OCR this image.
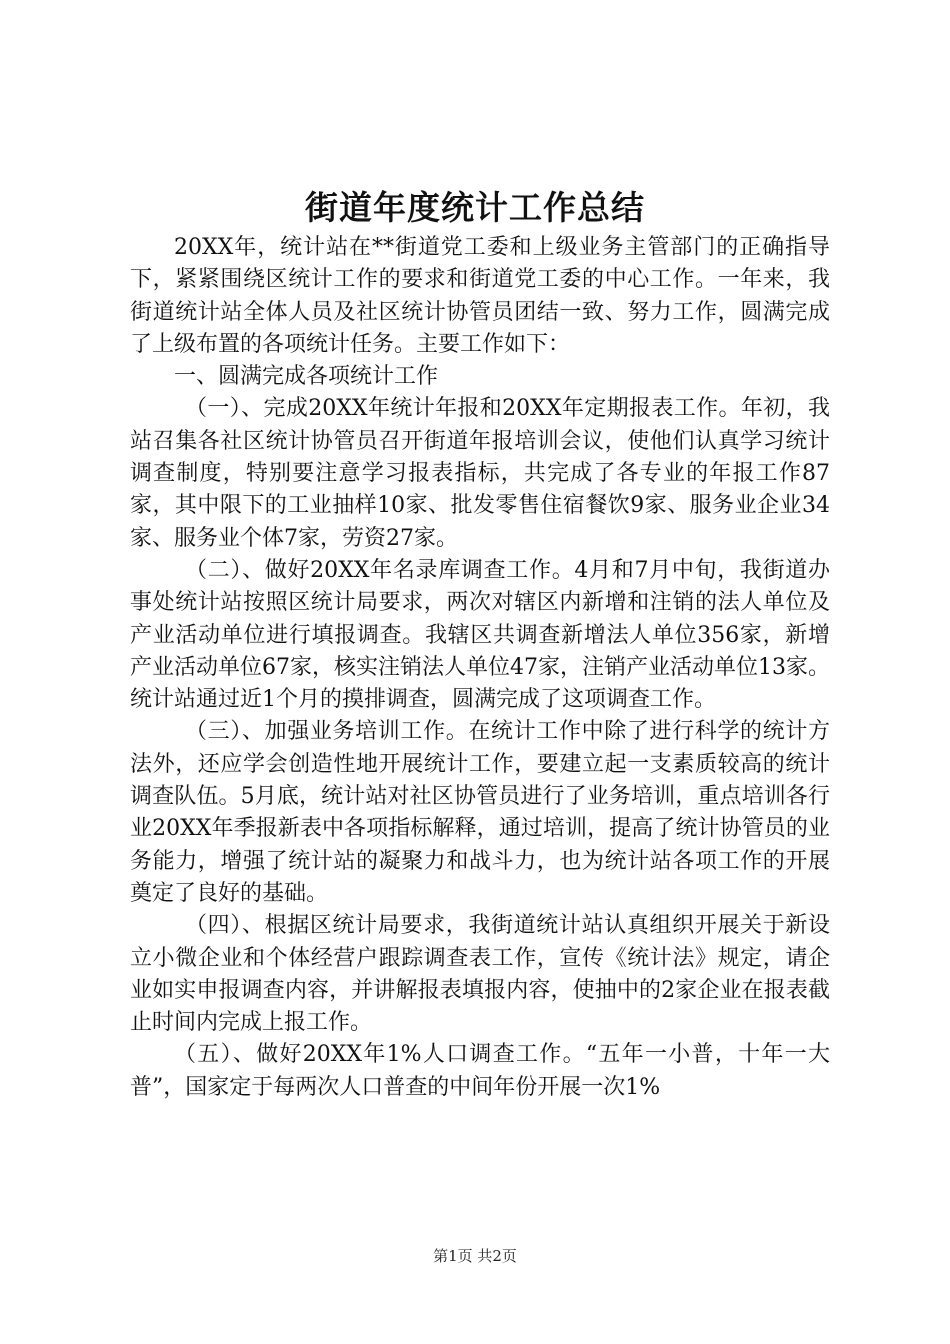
街道年度统计工作总结

20XX年，统计站在**街道党工委和上级业务主管部门的正确指导下，紧紧围绕区统计工作的要求和街道党工委的中心工作。一年来，我街道统计站全体人员及社区统计协管员团结一致、努力工作，圆满完成了上级布置的各项统计任务。主要工作如下：

一、圆满完成各项统计工作

（一）、完成20XX年统计年报和20XX年定期报表工作。年初，我站召集各社区统计协管员召开街道年报培训会议，使他们认真学习统计调查制度，特别要注意学习报表指标，共完成了各专业的年报工作87家，其中限下的工业抽样10家、批发零售住宿餐饮9家、服务业企业34家、服务业个体7家，劳资27家。

（二）、做好20XX年名录库调查工作。4月和7月中旬，我街道办事处统计站按照区统计局要求，两次对辖区内新增和注销的法人单位及产业活动单位进行填报调查。我辖区共调查新增法人单位356家，新增产业活动单位67家，核实注销法人单位47家，注销产业活动单位13家。统计站通过近1个月的摸排调查，圆满完成了这项调查工作。

（三）、加强业务培训工作。在统计工作中除了进行科学的统计方法外，还应学会创造性地开展统计工作，要建立起一支素质较高的统计调查队伍。5月底，统计站对社区协管员进行了业务培训，重点培训各行业20XX年季报新表中各项指标解释，通过培训，提高了统计协管员的业务能力，增强了统计站的凝聚力和战斗力，也为统计站各项工作的开展奠定了良好的基础。

（四）、根据区统计局要求，我街道统计站认真组织开展关于新设立小微企业和个体经营户跟踪调查表工作，宣传《统计法》规定，请企业如实申报调查内容，并讲解报表填报内容，使抽中的2家企业在报表截止时间内完成上报工作。

（五）、做好20XX年1%人口调查工作。“五年一小普，十年一大普”，国家定于每两次人口普查的中间年份开展一次1%

第1页 共2页
